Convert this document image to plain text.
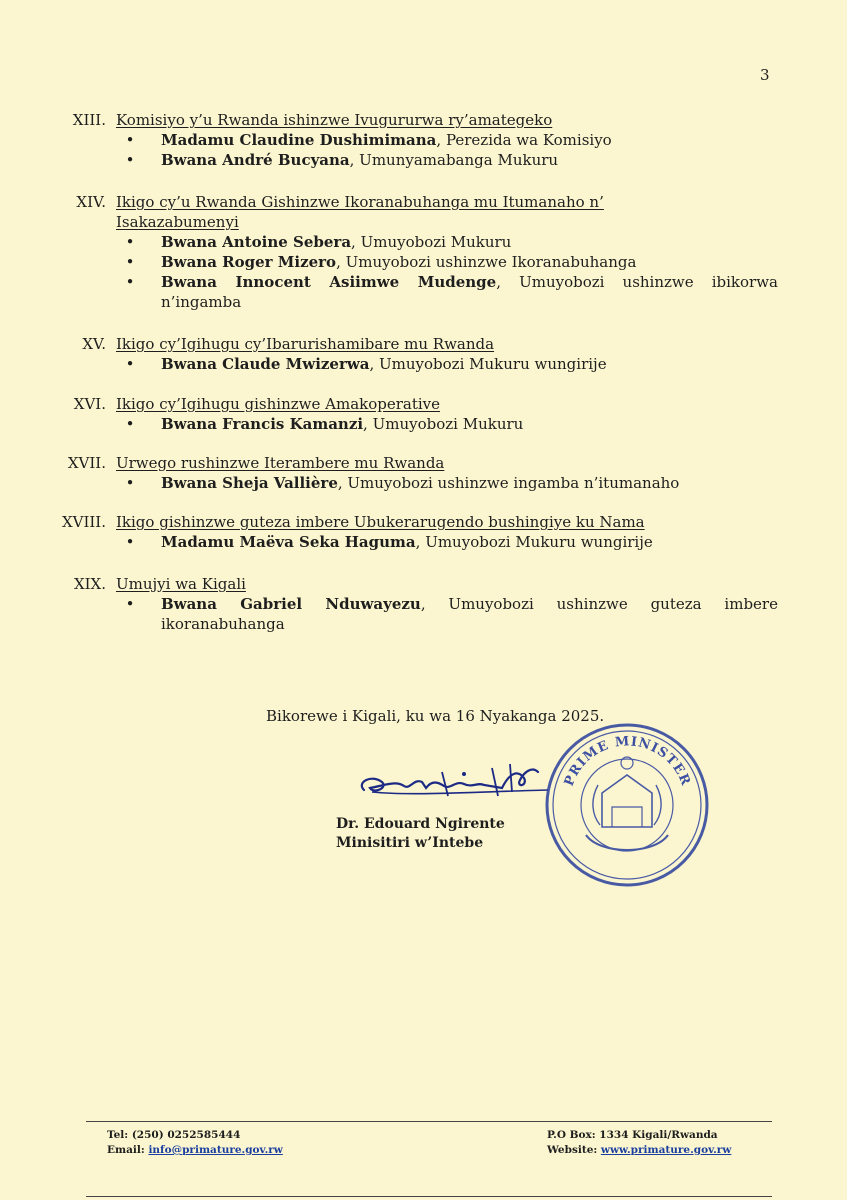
3
XIII. Komisiyo y’u Rwanda ishinzwe Ivugururwa ry’amategeko
• Madamu Claudine Dushimimana, Perezida wa Komisiyo
• Bwana André Bucyana, Umunyamabanga Mukuru
XIV. Ikigo cy’u Rwanda Gishinzwe Ikoranabuhanga mu Itumanaho n’ Isakazabumenyi
• Bwana Antoine Sebera, Umuyobozi Mukuru
• Bwana Roger Mizero, Umuyobozi ushinzwe Ikoranabuhanga
• Bwana Innocent Asiimwe Mudenge, Umuyobozi ushinzwe ibikorwa n’ingamba
XV. Ikigo cy’Igihugu cy’Ibarurishamibare mu Rwanda
• Bwana Claude Mwizerwa, Umuyobozi Mukuru wungirije
XVI. Ikigo cy’Igihugu gishinzwe Amakoperative
• Bwana Francis Kamanzi, Umuyobozi Mukuru
XVII. Urwego rushinzwe Iterambere mu Rwanda
• Bwana Sheja Vallière, Umuyobozi ushinzwe ingamba n’itumanaho
XVIII. Ikigo gishinzwe guteza imbere Ubukerarugendo bushingiye ku Nama
• Madamu Maëva Seka Haguma, Umuyobozi Mukuru wungirije
XIX. Umujyi wa Kigali
• Bwana Gabriel Nduwayezu, Umuyobozi ushinzwe guteza imbere ikoranabuhanga
Bikorewe i Kigali, ku wa 16 Nyakanga 2025.
Dr. Edouard Ngirente
Minisitiri w’Intebe
PRIME MINISTER
Tel: (250) 0252585444
Email: info@primature.gov.rw
P.O Box: 1334 Kigali/Rwanda
Website: www.primature.gov.rw
